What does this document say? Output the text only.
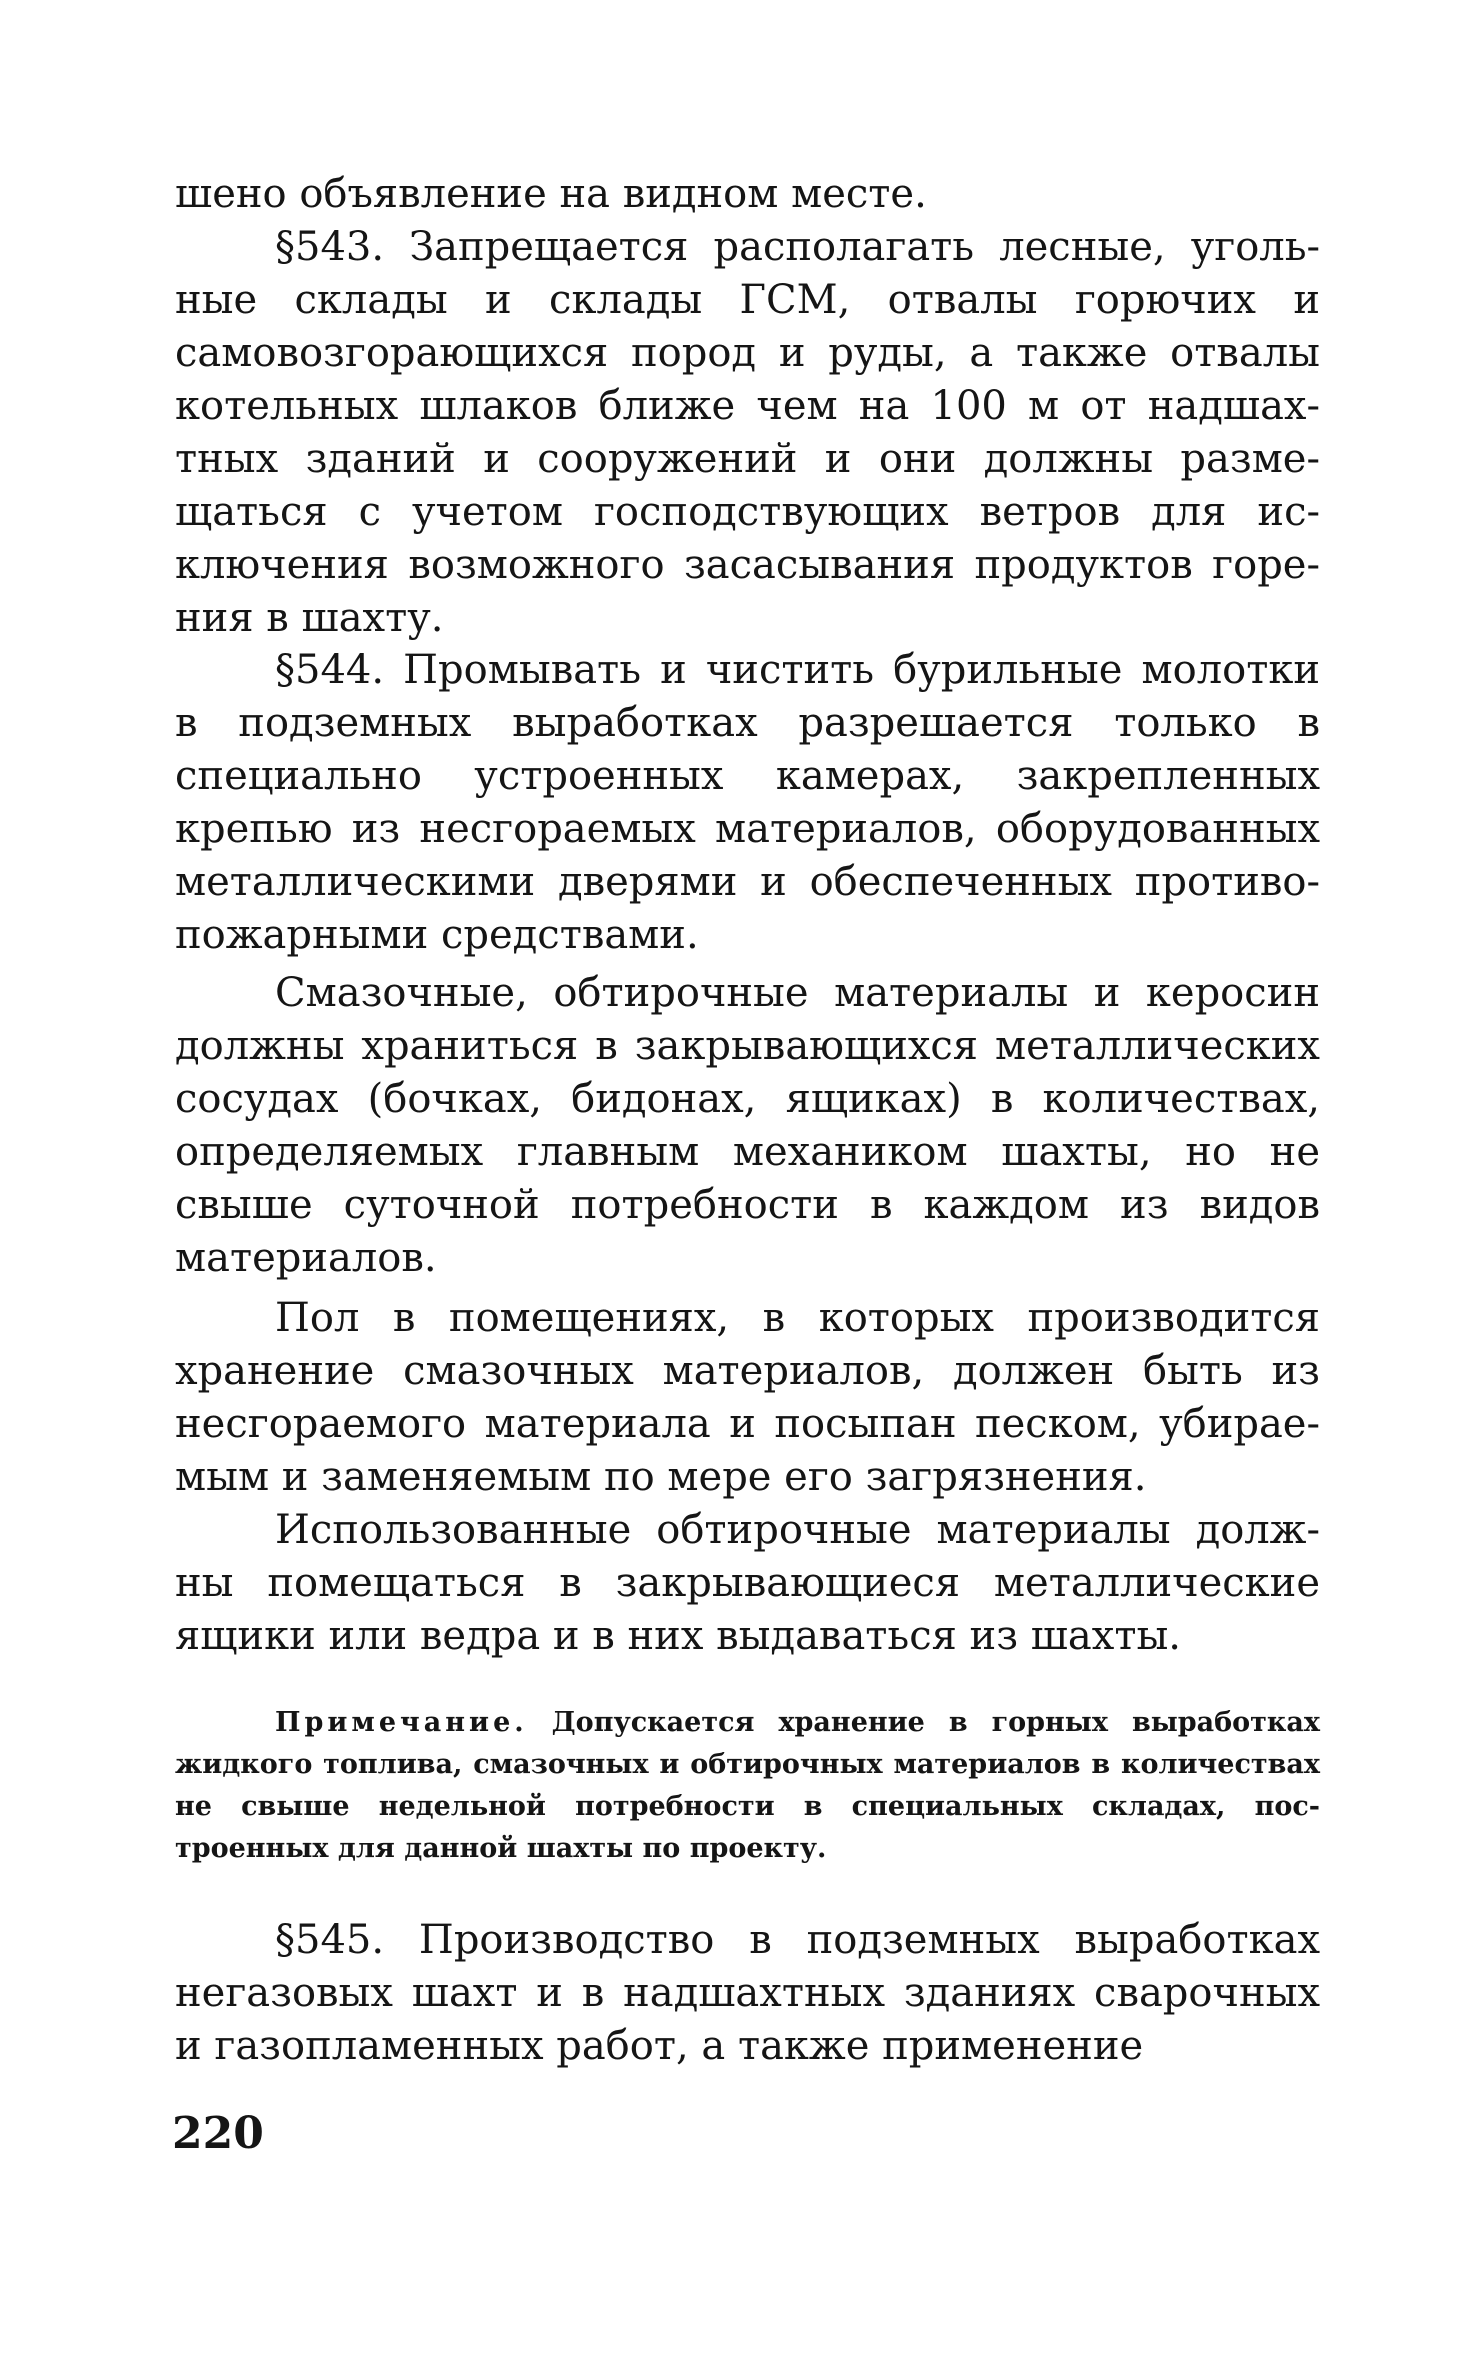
шено объявление на видном месте.

§543. Запрещается располагать лесные, угольные склады и склады ГСМ, отвалы горючих и самовозгорающихся пород и руды, а также отвалы котельных шлаков ближе чем на 100 м от надшахтных зданий и сооружений и они должны размещаться с учетом господствующих ветров для исключения возможного засасывания продуктов горения в шахту.

§544. Промывать и чистить бурильные молотки в подземных выработках разрешается только в специально устроенных камерах, закрепленных крепью из несгораемых материалов, оборудованных металлическими дверями и обеспеченных противопожарными средствами.

Смазочные, обтирочные материалы и керосин должны храниться в закрывающихся металлических сосудах (бочках, бидонах, ящиках) в количествах, определяемых главным механиком шахты, но не свыше суточной потребности в каждом из видов материалов.

Пол в помещениях, в которых производится хранение смазочных материалов, должен быть из несгораемого материала и посыпан песком, убираемым и заменяемым по мере его загрязнения.

Использованные обтирочные материалы должны помещаться в закрывающиеся металлические ящики или ведра и в них выдаваться из шахты.

Примечание. Допускается хранение в горных выработках жидкого топлива, смазочных и обтирочных материалов в количествах не свыше недельной потребности в специальных складах, построенных для данной шахты по проекту.

§545. Производство в подземных выработках негазовых шахт и в надшахтных зданиях сварочных и газопламенных работ, а также применение

220
